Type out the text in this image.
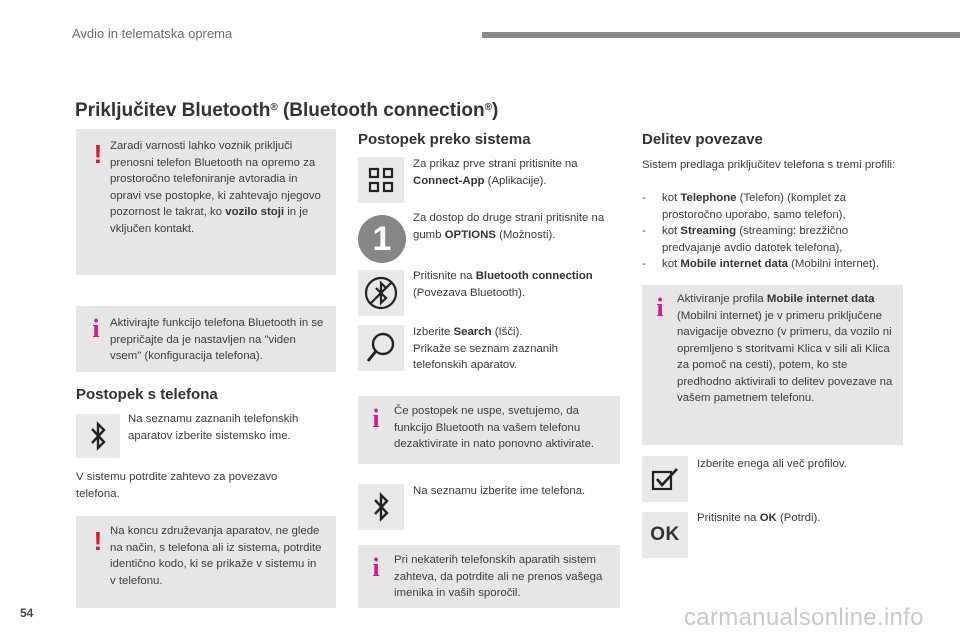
Avdio in telematska oprema
Priključitev Bluetooth® (Bluetooth connection®)
! Zaradi varnosti lahko voznik priključi prenosni telefon Bluetooth na opremo za prostoročno telefoniranje avtoradia in opravi vse postopke, ki zahtevajo njegovo pozornost le takrat, ko vozilo stoji in je vključen kontakt.
i Aktivirajte funkcijo telefona Bluetooth in se prepričajte da je nastavljen na "viden vsem" (konfiguracija telefona).
Postopek s telefona
Na seznamu zaznanih telefonskih aparatov izberite sistemsko ime.
V sistemu potrdite zahtevo za povezavo telefona.
! Na koncu združevanja aparatov, ne glede na način, s telefona ali iz sistema, potrdite identično kodo, ki se prikaže v sistemu in v telefonu.
Postopek preko sistema
Za prikaz prve strani pritisnite na Connect-App (Aplikacije).
1
Za dostop do druge strani pritisnite na gumb OPTIONS (Možnosti).
Pritisnite na Bluetooth connection (Povezava Bluetooth).
Izberite Search (Išči).
Prikaže se seznam zaznanih telefonskih aparatov.
i	Če postopek ne uspe, svetujemo, da funkcijo Bluetooth na vašem telefonu dezaktivirate in nato ponovno aktivirate.
Na seznamu izberite ime telefona.
i	Pri nekaterih telefonskih aparatih sistem zahteva, da potrdite ali ne prenos vašega imenika in vaših sporočil.
Delitev povezave
Sistem predlaga priključitev telefona s tremi profili:
-	kot Telephone (Telefon) (komplet za prostoročno uporabo, samo telefon),
-	kot Streaming (streaming: brezžično predvajanje avdio datotek telefona),
-	kot Mobile internet data (Mobilni internet).
i	Aktiviranje profila Mobile internet data (Mobilni internet) je v primeru priključene navigacije obvezno (v primeru, da vozilo ni opremljeno s storitvami Klica v sili ali Klica za pomoč na cesti), potem, ko ste predhodno aktivirali to delitev povezave na vašem pametnem telefonu.
Izberite enega ali več profilov.
OK
Pritisnite na OK (Potrdi).
54	carmanualsonline.info
